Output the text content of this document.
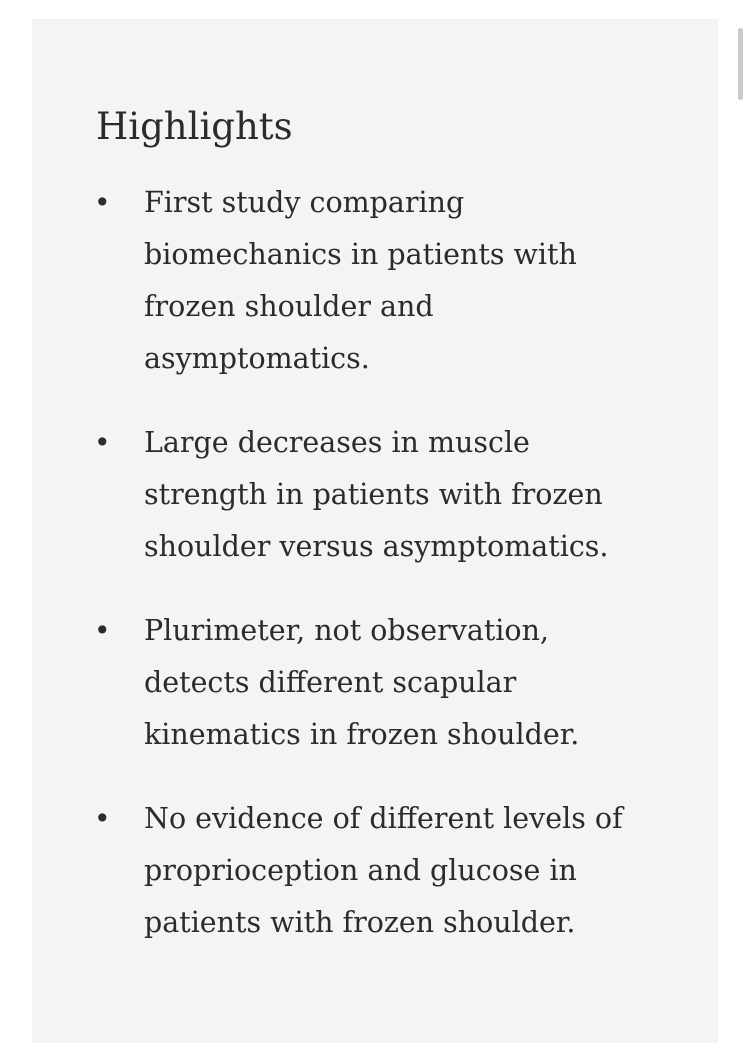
Highlights
• First study comparing biomechanics in patients with frozen shoulder and asymptomatics.
• Large decreases in muscle strength in patients with frozen shoulder versus asymptomatics.
• Plurimeter, not observation, detects different scapular kinematics in frozen shoulder.
• No evidence of different levels of proprioception and glucose in patients with frozen shoulder.
